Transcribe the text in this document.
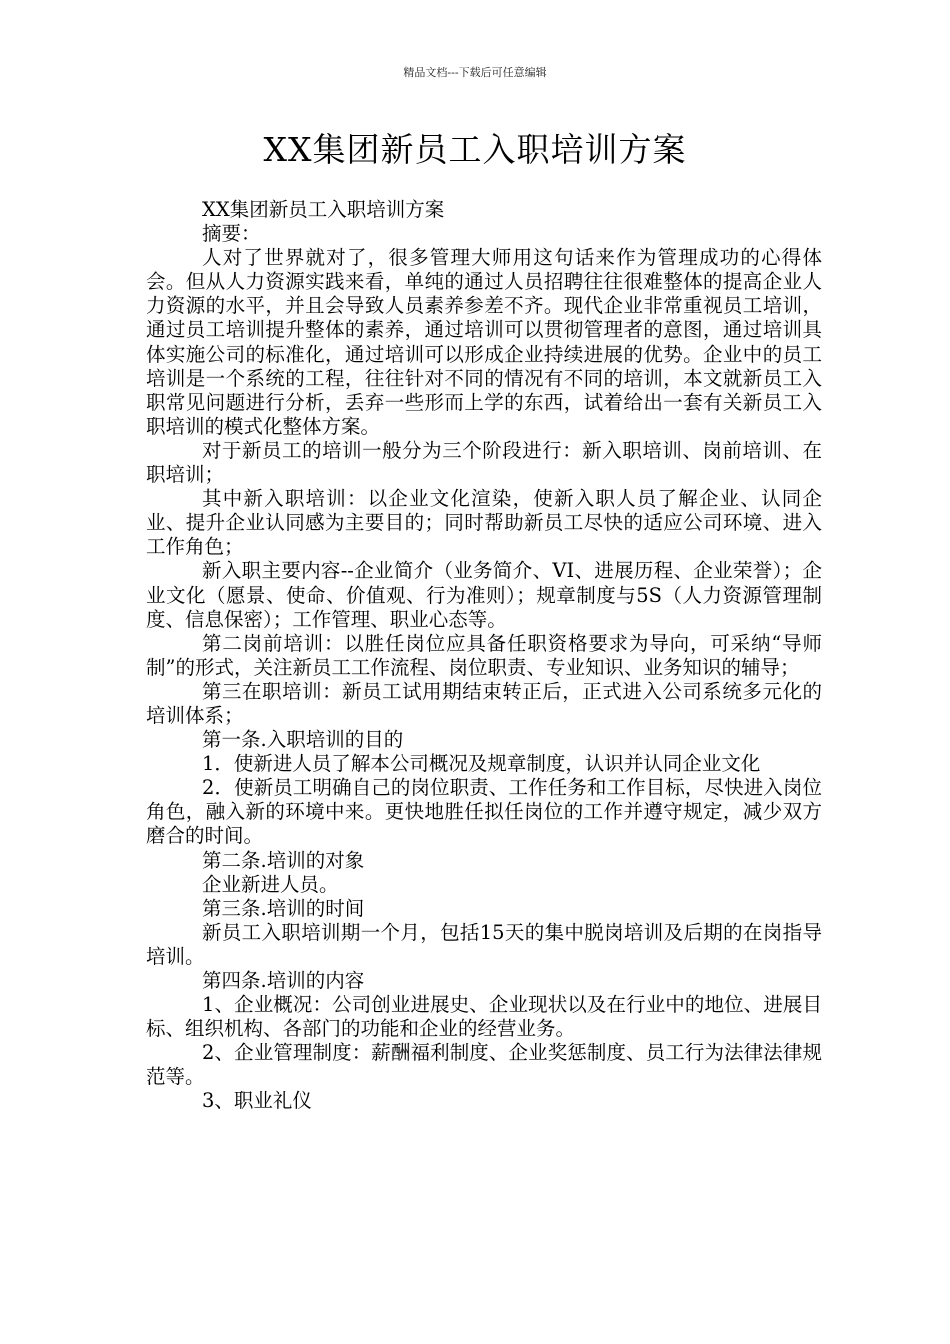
精品文档---下载后可任意编辑
XX集团新员工入职培训方案

XX集团新员工入职培训方案

摘要：

人对了世界就对了，很多管理大师用这句话来作为管理成功的心得体会。但从人力资源实践来看，单纯的通过人员招聘往往很难整体的提高企业人力资源的水平，并且会导致人员素养参差不齐。现代企业非常重视员工培训，通过员工培训提升整体的素养，通过培训可以贯彻管理者的意图，通过培训具体实施公司的标准化，通过培训可以形成企业持续进展的优势。企业中的员工培训是一个系统的工程，往往针对不同的情况有不同的培训，本文就新员工入职常见问题进行分析，丢弃一些形而上学的东西，试着给出一套有关新员工入职培训的模式化整体方案。

对于新员工的培训一般分为三个阶段进行：新入职培训、岗前培训、在职培训；

其中新入职培训：以企业文化渲染，使新入职人员了解企业、认同企业、提升企业认同感为主要目的；同时帮助新员工尽快的适应公司环境、进入工作角色；

新入职主要内容--企业简介（业务简介、VI、进展历程、企业荣誉）；企业文化（愿景、使命、价值观、行为准则）；规章制度与5S（人力资源管理制度、信息保密）；工作管理、职业心态等。

第二岗前培训：以胜任岗位应具备任职资格要求为导向，可采纳“导师制”的形式，关注新员工工作流程、岗位职责、专业知识、业务知识的辅导；

第三在职培训：新员工试用期结束转正后，正式进入公司系统多元化的培训体系；

第一条.入职培训的目的

1．使新进人员了解本公司概况及规章制度，认识并认同企业文化

2．使新员工明确自己的岗位职责、工作任务和工作目标，尽快进入岗位角色，融入新的环境中来。更快地胜任拟任岗位的工作并遵守规定，减少双方磨合的时间。

第二条.培训的对象

企业新进人员。

第三条.培训的时间

新员工入职培训期一个月，包括15天的集中脱岗培训及后期的在岗指导培训。

第四条.培训的内容

1、企业概况：公司创业进展史、企业现状以及在行业中的地位、进展目标、组织机构、各部门的功能和企业的经营业务。

2、企业管理制度：薪酬福利制度、企业奖惩制度、员工行为法律法律规范等。

3、职业礼仪
